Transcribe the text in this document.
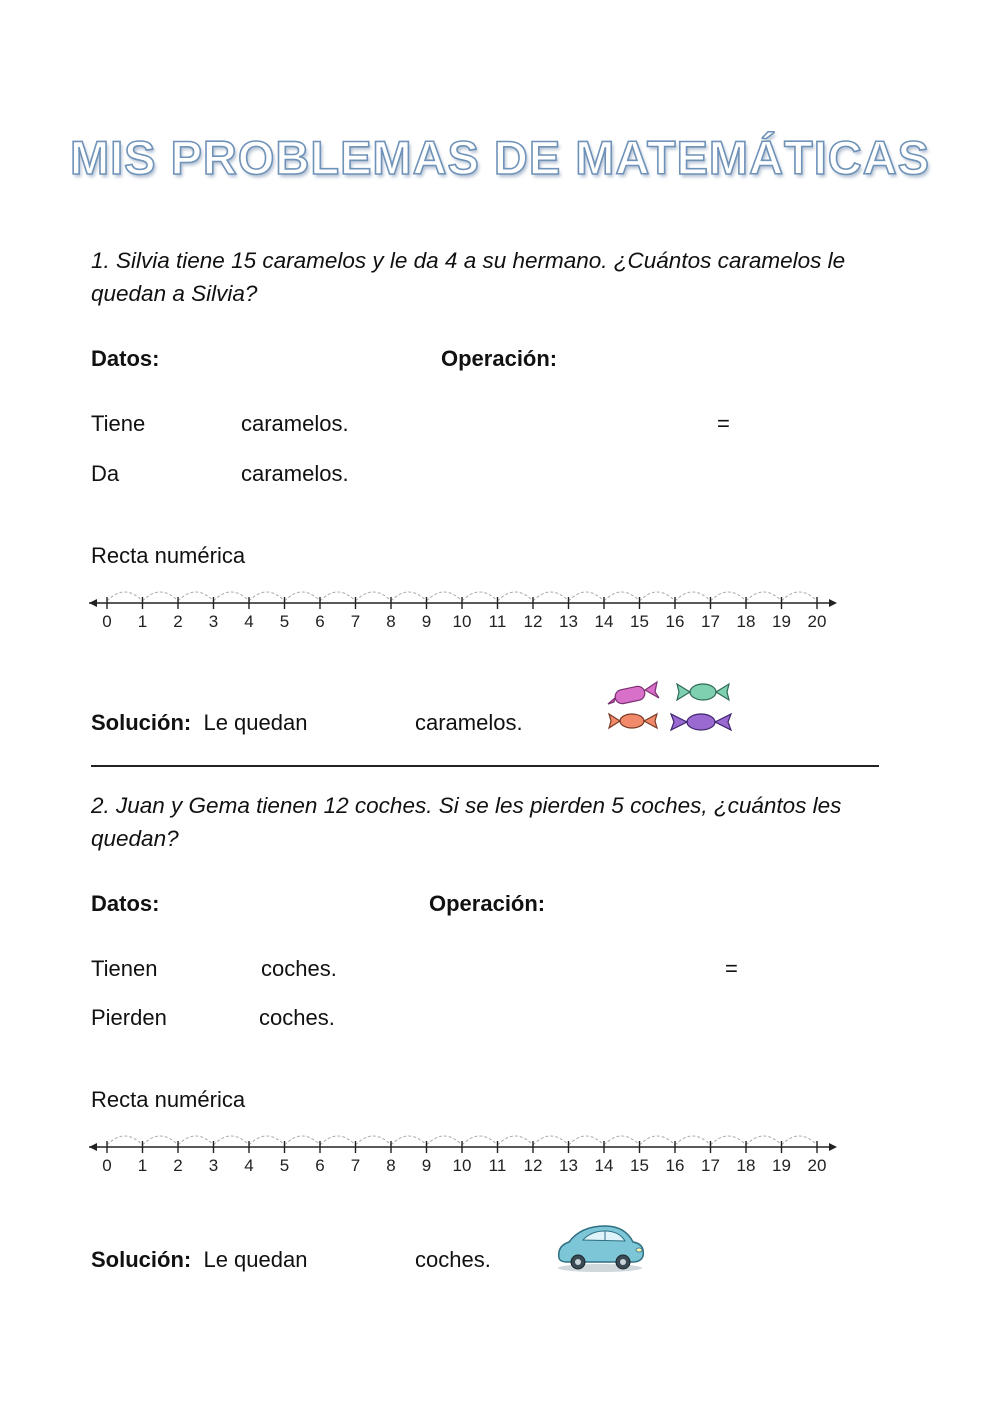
MIS PROBLEMAS DE MATEMÁTICAS
1. Silvia tiene 15 caramelos y le da 4 a su hermano. ¿Cuántos caramelos le quedan a Silvia?
Datos:	Operación:
Tiene	caramelos.	=
Da	caramelos.
Recta numérica
0 1 2 3 4 5 6 7 8 9 10 11 12 13 14 15 16 17 18 19 20
Solución: Le quedan	caramelos.
2. Juan y Gema tienen 12 coches. Si se les pierden 5 coches, ¿cuántos les quedan?
Datos:	Operación:
Tienen	coches.	=
Pierden	coches.
Recta numérica
0 1 2 3 4 5 6 7 8 9 10 11 12 13 14 15 16 17 18 19 20
Solución: Le quedan	coches.
